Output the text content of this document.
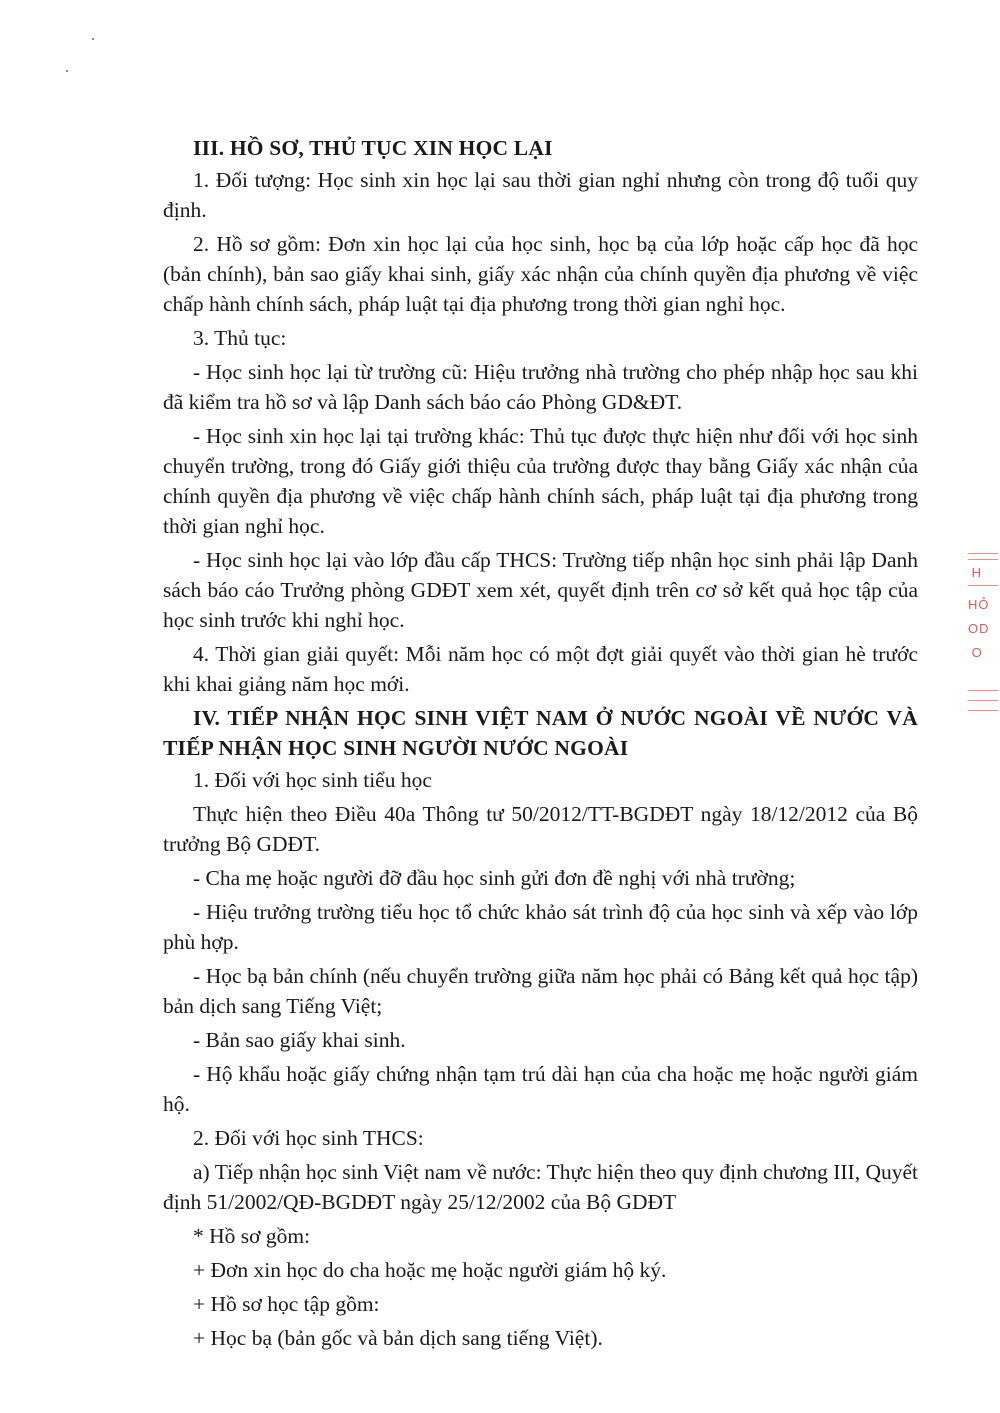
III. HỒ SƠ, THỦ TỤC XIN HỌC LẠI

1. Đối tượng: Học sinh xin học lại sau thời gian nghỉ nhưng còn trong độ tuổi quy định.

2. Hồ sơ gồm: Đơn xin học lại của học sinh, học bạ của lớp hoặc cấp học đã học (bản chính), bản sao giấy khai sinh, giấy xác nhận của chính quyền địa phương về việc chấp hành chính sách, pháp luật tại địa phương trong thời gian nghỉ học.

3. Thủ tục:

- Học sinh học lại từ trường cũ: Hiệu trưởng nhà trường cho phép nhập học sau khi đã kiểm tra hồ sơ và lập Danh sách báo cáo Phòng GD&ĐT.

- Học sinh xin học lại tại trường khác: Thủ tục được thực hiện như đối với học sinh chuyển trường, trong đó Giấy giới thiệu của trường được thay bằng Giấy xác nhận của chính quyền địa phương về việc chấp hành chính sách, pháp luật tại địa phương trong thời gian nghỉ học.

- Học sinh học lại vào lớp đầu cấp THCS: Trường tiếp nhận học sinh phải lập Danh sách báo cáo Trưởng phòng GDĐT xem xét, quyết định trên cơ sở kết quả học tập của học sinh trước khi nghỉ học.

4. Thời gian giải quyết: Mỗi năm học có một đợt giải quyết vào thời gian hè trước khi khai giảng năm học mới.

IV. TIẾP NHẬN HỌC SINH VIỆT NAM Ở NƯỚC NGOÀI VỀ NƯỚC VÀ TIẾP NHẬN HỌC SINH NGƯỜI NƯỚC NGOÀI

1. Đối với học sinh tiểu học

Thực hiện theo Điều 40a Thông tư 50/2012/TT-BGDĐT ngày 18/12/2012 của Bộ trưởng Bộ GDĐT.

- Cha mẹ hoặc người đỡ đầu học sinh gửi đơn đề nghị với nhà trường;

- Hiệu trưởng trường tiểu học tổ chức khảo sát trình độ của học sinh và xếp vào lớp phù hợp.

- Học bạ bản chính (nếu chuyển trường giữa năm học phải có Bảng kết quả học tập) bản dịch sang Tiếng Việt;

- Bản sao giấy khai sinh.

- Hộ khẩu hoặc giấy chứng nhận tạm trú dài hạn của cha hoặc mẹ hoặc người giám hộ.

2. Đối với học sinh THCS:

a) Tiếp nhận học sinh Việt nam về nước: Thực hiện theo quy định chương III, Quyết định 51/2002/QĐ-BGDĐT ngày 25/12/2002 của Bộ GDĐT

* Hồ sơ gồm:

+ Đơn xin học do cha hoặc mẹ hoặc người giám hộ ký.

+ Hồ sơ học tập gồm:

+ Học bạ (bản gốc và bản dịch sang tiếng Việt).

 H
HỎ
OD
 O
